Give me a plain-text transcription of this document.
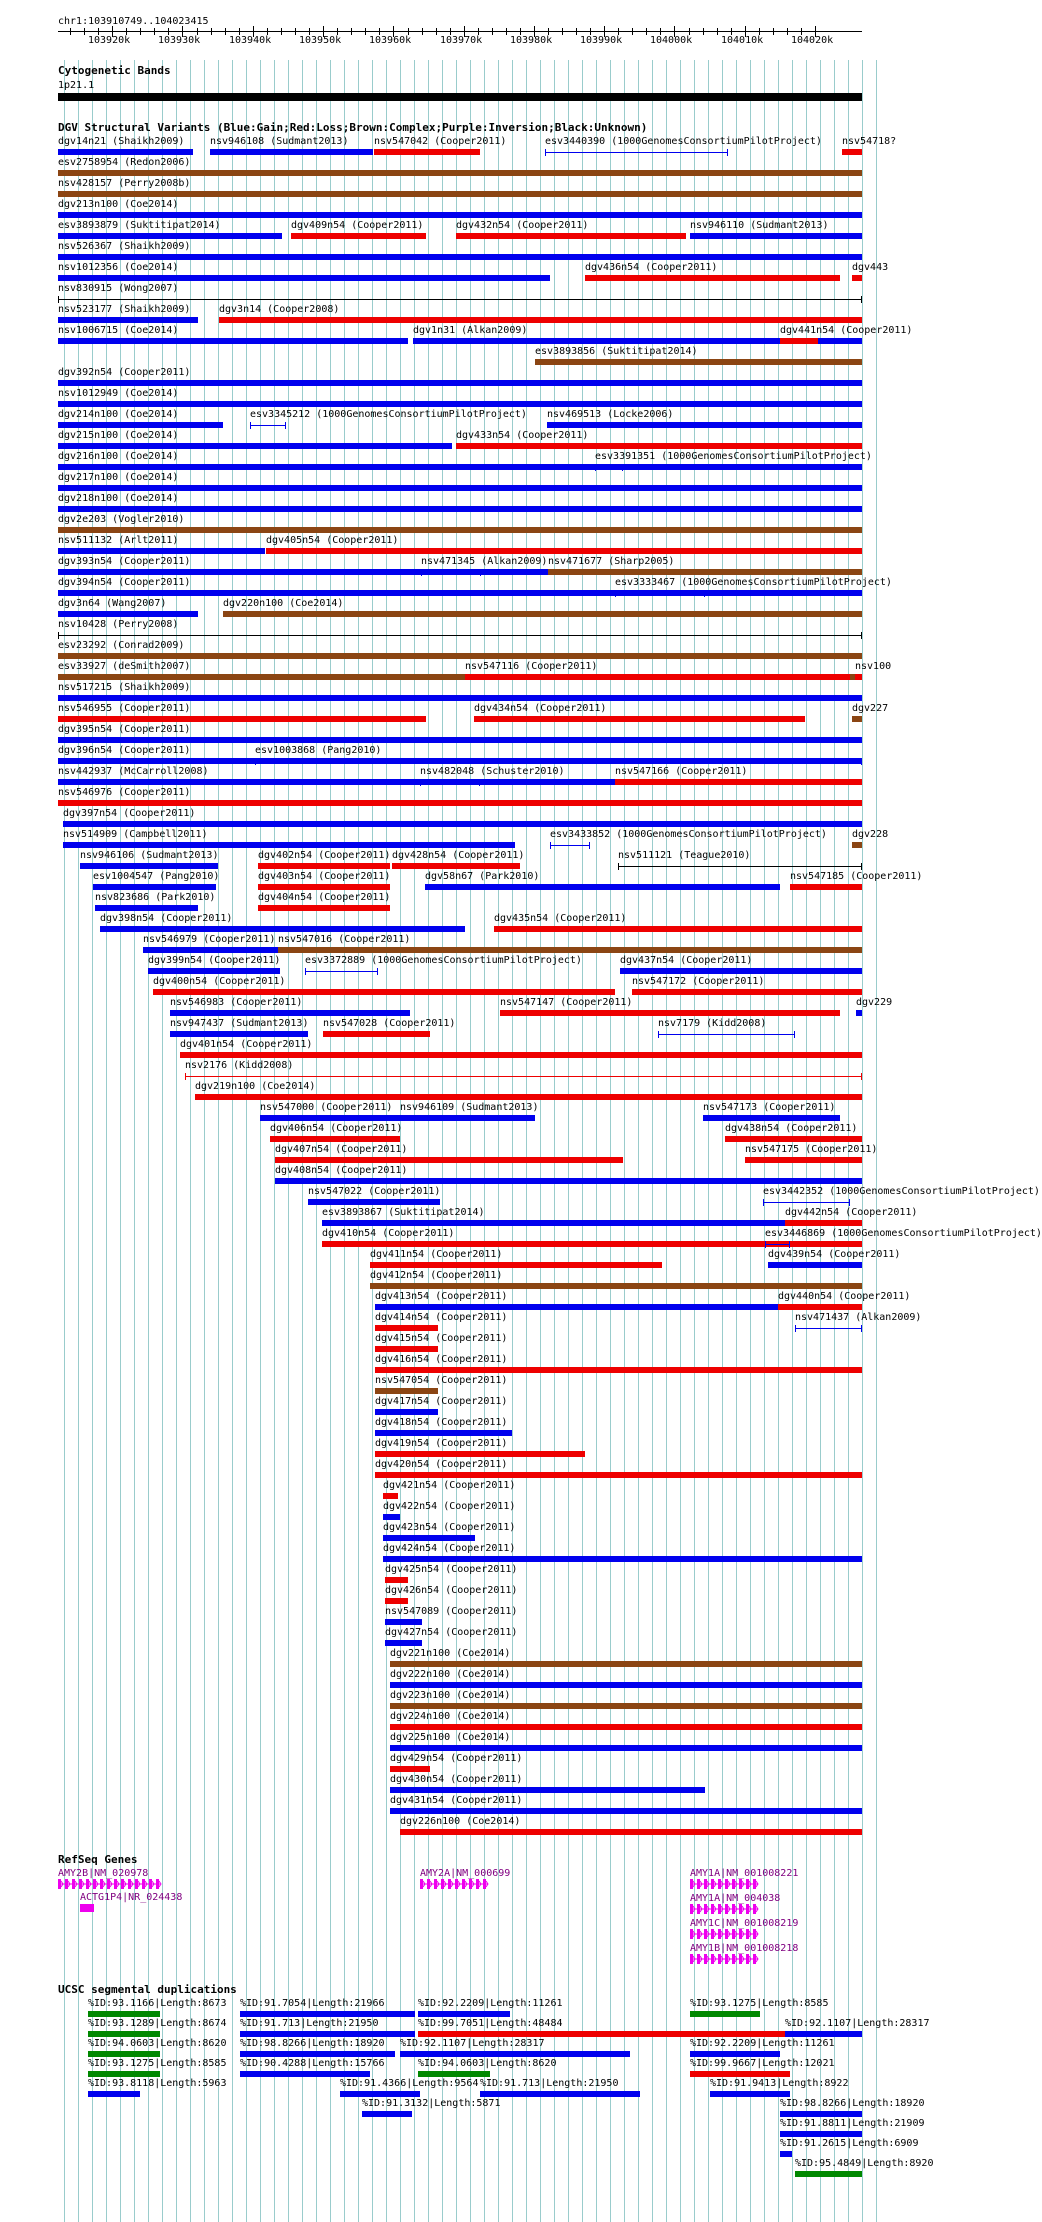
chr1:103910749..104023415
Cytogenetic Bands
1p21.1
DGV Structural Variants (Blue:Gain;Red:Loss;Brown:Complex;Purple:Inversion;Black:Unknown)
RefSeq Genes
UCSC segmental duplications
103920k	103930k	103940k	103950k	103960k	103970k	103980k	103990k	104000k	104010k	104020k
dgv14n21 (Shaikh2009)	nsv946108 (Sudmant2013)	nsv547042 (Cooper2011)	esv3440390 (1000GenomesConsortiumPilotProject) nsv54718?
esv2758954 (Redon2006)
nsv428157 (Perry2008b)
dgv213n100 (Coe2014)
esv3893879 (Suktitipat2014)	dgv409n54 (Cooper2011)	dgv432n54 (Cooper2011)	nsv946110 (Sudmant2013)
nsv526367 (Shaikh2009)
nsv1012356 (Coe2014)	dgv436n54 (Cooper2011)	dgv443
nsv830915 (Wong2007)
nsv523177 (Shaikh2009)	dgv3n14 (Cooper2008)
nsv1006715 (Coe2014)	dgv1n31 (Alkan2009)	dgv441n54 (Cooper2011)
esv3893856 (Suktitipat2014)
dgv392n54 (Cooper2011)
nsv1012949 (Coe2014)
dgv214n100 (Coe2014)	esv3345212 (1000GenomesConsortiumPilotProject) nsv469513 (Locke2006)
dgv215n100 (Coe2014)	dgv433n54 (Cooper2011)
dgv216n100 (Coe2014)	esv3391351 (1000GenomesConsortiumPilotProject)
dgv217n100 (Coe2014)
dgv218n100 (Coe2014)
dgv2e203 (Vogler2010)
nsv511132 (Arlt2011)	dgv405n54 (Cooper2011)
dgv393n54 (Cooper2011)	nsv471345 (Alkan2009) nsv471677 (Sharp2005)
dgv394n54 (Cooper2011)	esv3333467 (1000GenomesConsortiumPilotProject)
dgv3n64 (Wang2007)	dgv220n100 (Coe2014)
nsv10428 (Perry2008)
esv23292 (Conrad2009)
esv33927 (deSmith2007)	nsv547116 (Cooper2011)	nsv100
nsv517215 (Shaikh2009)
nsv546955 (Cooper2011)	dgv434n54 (Cooper2011)	dgv227
dgv395n54 (Cooper2011)
dgv396n54 (Cooper2011)	esv1003868 (Pang2010)
nsv442937 (McCarroll2008)	nsv482048 (Schuster2010)	nsv547166 (Cooper2011)
nsv546976 (Cooper2011)
dgv397n54 (Cooper2011)
nsv514909 (Campbell2011)	esv3433852 (1000GenomesConsortiumPilotProject)	dgv228
nsv946106 (Sudmant2013)	dgv402n54 (Cooper2011) dgv428n54 (Cooper2011)	nsv511121 (Teague2010)
esv1004547 (Pang2010)	dgv403n54 (Cooper2011)	dgv58n67 (Park2010)	nsv547185 (Cooper2011)
nsv823686 (Park2010)	dgv404n54 (Cooper2011)
dgv398n54 (Cooper2011)	dgv435n54 (Cooper2011)
nsv546979 (Cooper2011) nsv547016 (Cooper2011)
dgv399n54 (Cooper2011) esv3372889 (1000GenomesConsortiumPilotProject)	dgv437n54 (Cooper2011)
dgv400n54 (Cooper2011)	nsv547172 (Cooper2011)
nsv546983 (Cooper2011)	nsv547147 (Cooper2011)	dgv229
nsv947437 (Sudmant2013) nsv547028 (Cooper2011)	nsv7179 (Kidd2008)
dgv401n54 (Cooper2011)
nsv2176 (Kidd2008)
dgv219n100 (Coe2014)
nsv547000 (Cooper2011) nsv946109 (Sudmant2013)	nsv547173 (Cooper2011)
dgv406n54 (Cooper2011)	dgv438n54 (Cooper2011)
dgv407n54 (Cooper2011)	nsv547175 (Cooper2011)
dgv408n54 (Cooper2011)
nsv547022 (Cooper2011)	esv3442352 (1000GenomesConsortiumPilotProject)
esv3893867 (Suktitipat2014)	dgv442n54 (Cooper2011)
dgv410n54 (Cooper2011)	esv3446869 (1000GenomesConsortiumPilotProject)
dgv411n54 (Cooper2011)	dgv439n54 (Cooper2011)
dgv412n54 (Cooper2011)
dgv413n54 (Cooper2011)	dgv440n54 (Cooper2011)
dgv414n54 (Cooper2011)	nsv471437 (Alkan2009)
dgv415n54 (Cooper2011)
dgv416n54 (Cooper2011)
nsv547054 (Cooper2011)
dgv417n54 (Cooper2011)
dgv418n54 (Cooper2011)
dgv419n54 (Cooper2011)
dgv420n54 (Cooper2011)
dgv421n54 (Cooper2011)
dgv422n54 (Cooper2011)
dgv423n54 (Cooper2011)
dgv424n54 (Cooper2011)
dgv425n54 (Cooper2011)
dgv426n54 (Cooper2011)
nsv547089 (Cooper2011)
dgv427n54 (Cooper2011)
dgv221n100 (Coe2014)
dgv222n100 (Coe2014)
dgv223n100 (Coe2014)
dgv224n100 (Coe2014)
dgv225n100 (Coe2014)
dgv429n54 (Cooper2011)
dgv430n54 (Cooper2011)
dgv431n54 (Cooper2011)
dgv226n100 (Coe2014)
AMY2B|NM_020978
ACTG1P4|NR_024438
AMY2A|NM_000699	AMY1A|NM_001008221
AMY1A|NM_004038
AMY1C|NM_001008219
AMY1B|NM_001008218
%ID:93.1166|Length:8673 %ID:91.7054|Length:21966	%ID:92.2209|Length:11261	%ID:93.1275|Length:8585
%ID:93.1289|Length:8674 %ID:91.713|Length:21950	%ID:99.7051|Length:48484	%ID:92.1107|Length:28317
%ID:94.0603|Length:8620 %ID:98.8266|Length:18920 %ID:92.1107|Length:28317	%ID:92.2209|Length:11261
%ID:93.1275|Length:8585 %ID:90.4288|Length:15766	%ID:94.0603|Length:8620	%ID:99.9667|Length:12021
%ID:93.8118|Length:5963	%ID:91.4366|Length:9564 %ID:91.713|Length:21950	%ID:91.9413|Length:8922
%ID:91.3132|Length:5871	%ID:98.8266|Length:18920
%ID:91.8811|Length:21909
%ID:91.2615|Length:6909
%ID:95.4849|Length:8920
